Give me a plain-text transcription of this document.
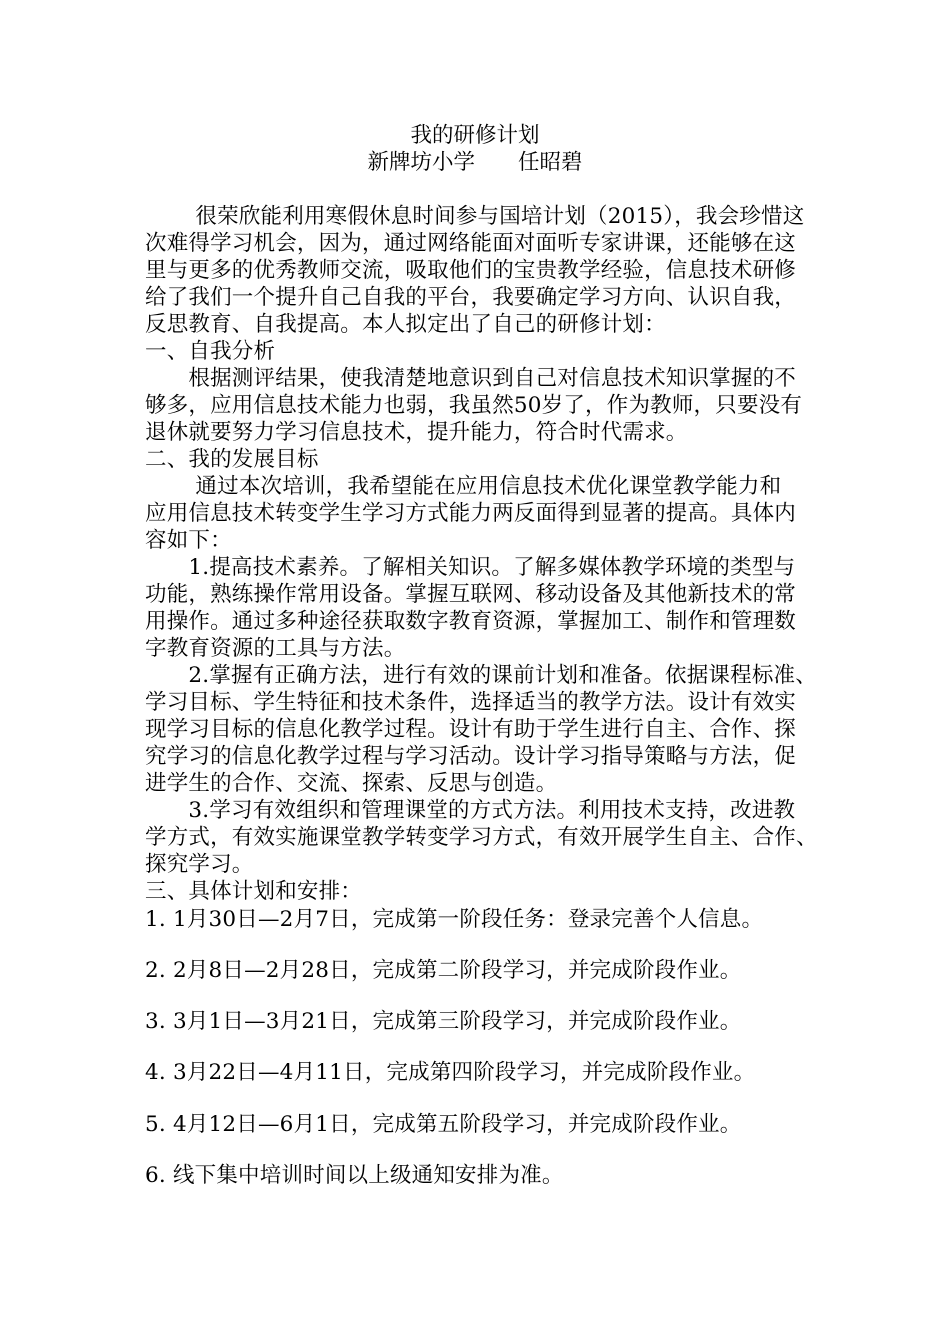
我的研修计划
新牌坊小学　　任昭碧
　　 很荣欣能利用寒假休息时间参与国培计划（2015），我会珍惜这
次难得学习机会，因为，通过网络能面对面听专家讲课，还能够在这
里与更多的优秀教师交流，吸取他们的宝贵教学经验，信息技术研修
给了我们一个提升自己自我的平台，我要确定学习方向、认识自我，
反思教育、自我提高。本人拟定出了自己的研修计划：
一、自我分析
　　根据测评结果，使我清楚地意识到自己对信息技术知识掌握的不
够多，应用信息技术能力也弱，我虽然50岁了，作为教师，只要没有
退休就要努力学习信息技术，提升能力，符合时代需求。
二、我的发展目标
　　 通过本次培训，我希望能在应用信息技术优化课堂教学能力和
应用信息技术转变学生学习方式能力两反面得到显著的提高。具体内
容如下：
　　1.提高技术素养。了解相关知识。了解多媒体教学环境的类型与
功能，熟练操作常用设备。掌握互联网、移动设备及其他新技术的常
用操作。通过多种途径获取数字教育资源，掌握加工、制作和管理数
字教育资源的工具与方法。
　　2.掌握有正确方法，进行有效的课前计划和准备。依据课程标准、
学习目标、学生特征和技术条件，选择适当的教学方法。设计有效实
现学习目标的信息化教学过程。设计有助于学生进行自主、合作、探
究学习的信息化教学过程与学习活动。设计学习指导策略与方法，促
进学生的合作、交流、探索、反思与创造。
　　3.学习有效组织和管理课堂的方式方法。利用技术支持，改进教
学方式，有效实施课堂教学转变学习方式，有效开展学生自主、合作、
探究学习。
三、具体计划和安排：
1. 1月30日—2月7日，完成第一阶段任务：登录完善个人信息。
2. 2月8日—2月28日，完成第二阶段学习，并完成阶段作业。
3. 3月1日—3月21日，完成第三阶段学习，并完成阶段作业。
4. 3月22日—4月11日，完成第四阶段学习，并完成阶段作业。
5. 4月12日—6月1日，完成第五阶段学习，并完成阶段作业。
6. 线下集中培训时间以上级通知安排为准。
